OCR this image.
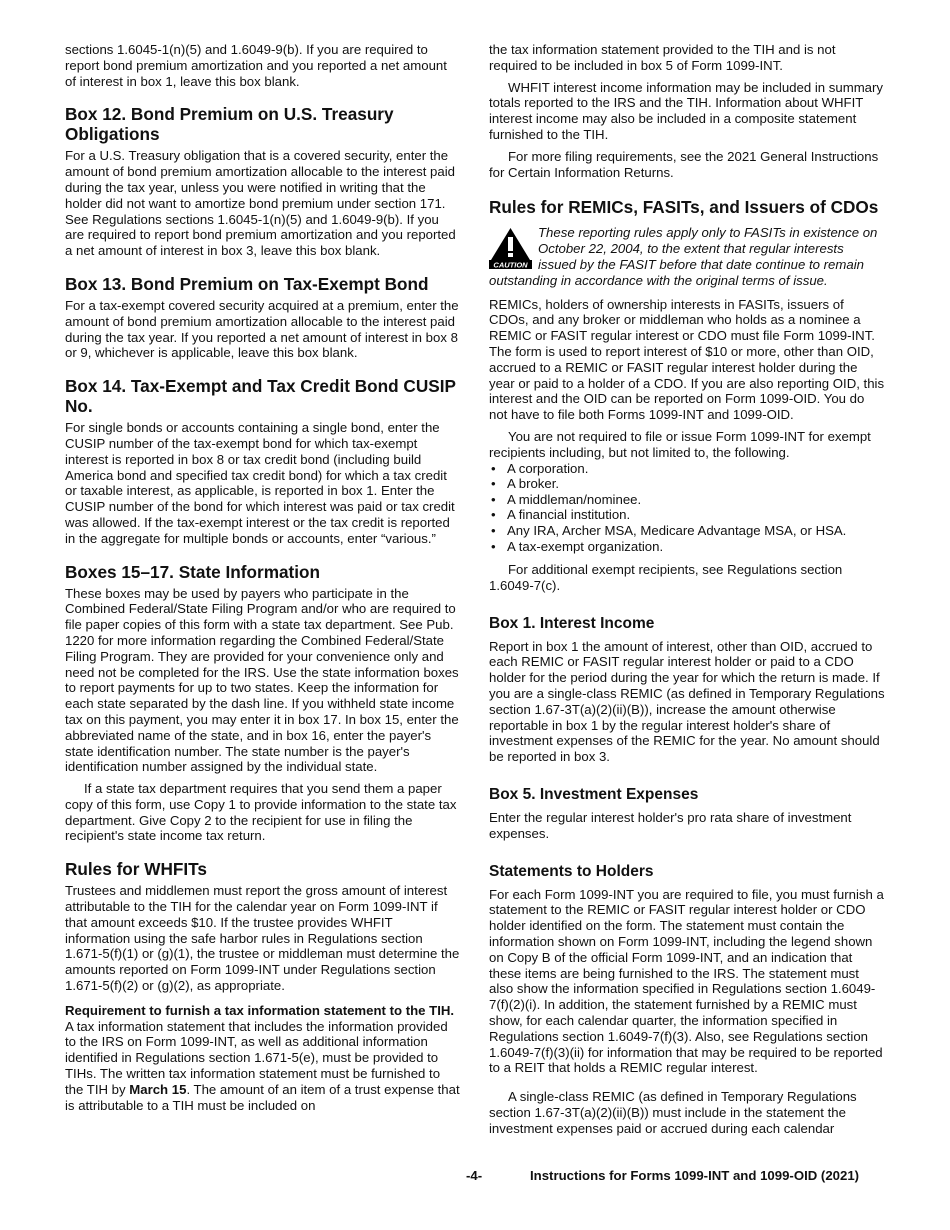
sections 1.6045-1(n)(5) and 1.6049-9(b). If you are required to report bond premium amortization and you reported a net amount of interest in box 1, leave this box blank.

Box 12. Bond Premium on U.S. Treasury Obligations

For a U.S. Treasury obligation that is a covered security, enter the amount of bond premium amortization allocable to the interest paid during the tax year, unless you were notified in writing that the holder did not want to amortize bond premium under section 171. See Regulations sections 1.6045-1(n)(5) and 1.6049-9(b). If you are required to report bond premium amortization and you reported a net amount of interest in box 3, leave this box blank.

Box 13. Bond Premium on Tax-Exempt Bond

For a tax-exempt covered security acquired at a premium, enter the amount of bond premium amortization allocable to the interest paid during the tax year. If you reported a net amount of interest in box 8 or 9, whichever is applicable, leave this box blank.

Box 14. Tax-Exempt and Tax Credit Bond CUSIP No.

For single bonds or accounts containing a single bond, enter the CUSIP number of the tax-exempt bond for which tax-exempt interest is reported in box 8 or tax credit bond (including build America bond and specified tax credit bond) for which a tax credit or taxable interest, as applicable, is reported in box 1. Enter the CUSIP number of the bond for which interest was paid or tax credit was allowed. If the tax-exempt interest or the tax credit is reported in the aggregate for multiple bonds or accounts, enter “various.”

Boxes 15–17. State Information

These boxes may be used by payers who participate in the Combined Federal/State Filing Program and/or who are required to file paper copies of this form with a state tax department. See Pub. 1220 for more information regarding the Combined Federal/State Filing Program. They are provided for your convenience only and need not be completed for the IRS. Use the state information boxes to report payments for up to two states. Keep the information for each state separated by the dash line. If you withheld state income tax on this payment, you may enter it in box 17. In box 15, enter the abbreviated name of the state, and in box 16, enter the payer's state identification number. The state number is the payer's identification number assigned by the individual state.

If a state tax department requires that you send them a paper copy of this form, use Copy 1 to provide information to the state tax department. Give Copy 2 to the recipient for use in filing the recipient's state income tax return.

Rules for WHFITs

Trustees and middlemen must report the gross amount of interest attributable to the TIH for the calendar year on Form 1099-INT if that amount exceeds $10. If the trustee provides WHFIT information using the safe harbor rules in Regulations section 1.671-5(f)(1) or (g)(1), the trustee or middleman must determine the amounts reported on Form 1099-INT under Regulations section 1.671-5(f)(2) or (g)(2), as appropriate.

Requirement to furnish a tax information statement to the TIH.  A tax information statement that includes the information provided to the IRS on Form 1099-INT, as well as additional information identified in Regulations section 1.671-5(e), must be provided to TIHs. The written tax information statement must be furnished to the TIH by March 15. The amount of an item of a trust expense that is attributable to a TIH must be included on

the tax information statement provided to the TIH and is not required to be included in box 5 of Form 1099-INT.

WHFIT interest income information may be included in summary totals reported to the IRS and the TIH. Information about WHFIT interest income may also be included in a composite statement furnished to the TIH.

For more filing requirements, see the 2021 General Instructions for Certain Information Returns.

Rules for REMICs, FASITs, and Issuers of CDOs
CAUTION
These reporting rules apply only to FASITs in existence on October 22, 2004, to the extent that regular interests issued by the FASIT before that date continue to remain outstanding in accordance with the original terms of issue.

REMICs, holders of ownership interests in FASITs, issuers of CDOs, and any broker or middleman who holds as a nominee a REMIC or FASIT regular interest or CDO must file Form 1099-INT. The form is used to report interest of $10 or more, other than OID, accrued to a REMIC or FASIT regular interest holder during the year or paid to a holder of a CDO. If you are also reporting OID, this interest and the OID can be reported on Form 1099-OID. You do not have to file both Forms 1099-INT and 1099-OID.

You are not required to file or issue Form 1099-INT for exempt recipients including, but not limited to, the following.

• A corporation.
• A broker.
• A middleman/nominee.
• A financial institution.
• Any IRA, Archer MSA, Medicare Advantage MSA, or HSA.
• A tax-exempt organization.

For additional exempt recipients, see Regulations section 1.6049-7(c).

Box 1. Interest Income

Report in box 1 the amount of interest, other than OID, accrued to each REMIC or FASIT regular interest holder or paid to a CDO holder for the period during the year for which the return is made. If you are a single-class REMIC (as defined in Temporary Regulations section 1.67-3T(a)(2)(ii)(B)), increase the amount otherwise reportable in box 1 by the regular interest holder's share of investment expenses of the REMIC for the year. No amount should be reported in box 3.

Box 5. Investment Expenses

Enter the regular interest holder's pro rata share of investment expenses.

Statements to Holders

For each Form 1099-INT you are required to file, you must furnish a statement to the REMIC or FASIT regular interest holder or CDO holder identified on the form. The statement must contain the information shown on Form 1099-INT, including the legend shown on Copy B of the official Form 1099-INT, and an indication that these items are being furnished to the IRS. The statement must also show the information specified in Regulations section 1.6049-7(f)(2)(i). In addition, the statement furnished by a REMIC must show, for each calendar quarter, the information specified in Regulations section 1.6049-7(f)(3). Also, see Regulations section 1.6049-7(f)(3)(ii) for information that may be required to be reported to a REIT that holds a REMIC regular interest.

A single-class REMIC (as defined in Temporary Regulations section 1.67-3T(a)(2)(ii)(B)) must include in the statement the investment expenses paid or accrued during each calendar

-4-	Instructions for Forms 1099-INT and 1099-OID (2021)
